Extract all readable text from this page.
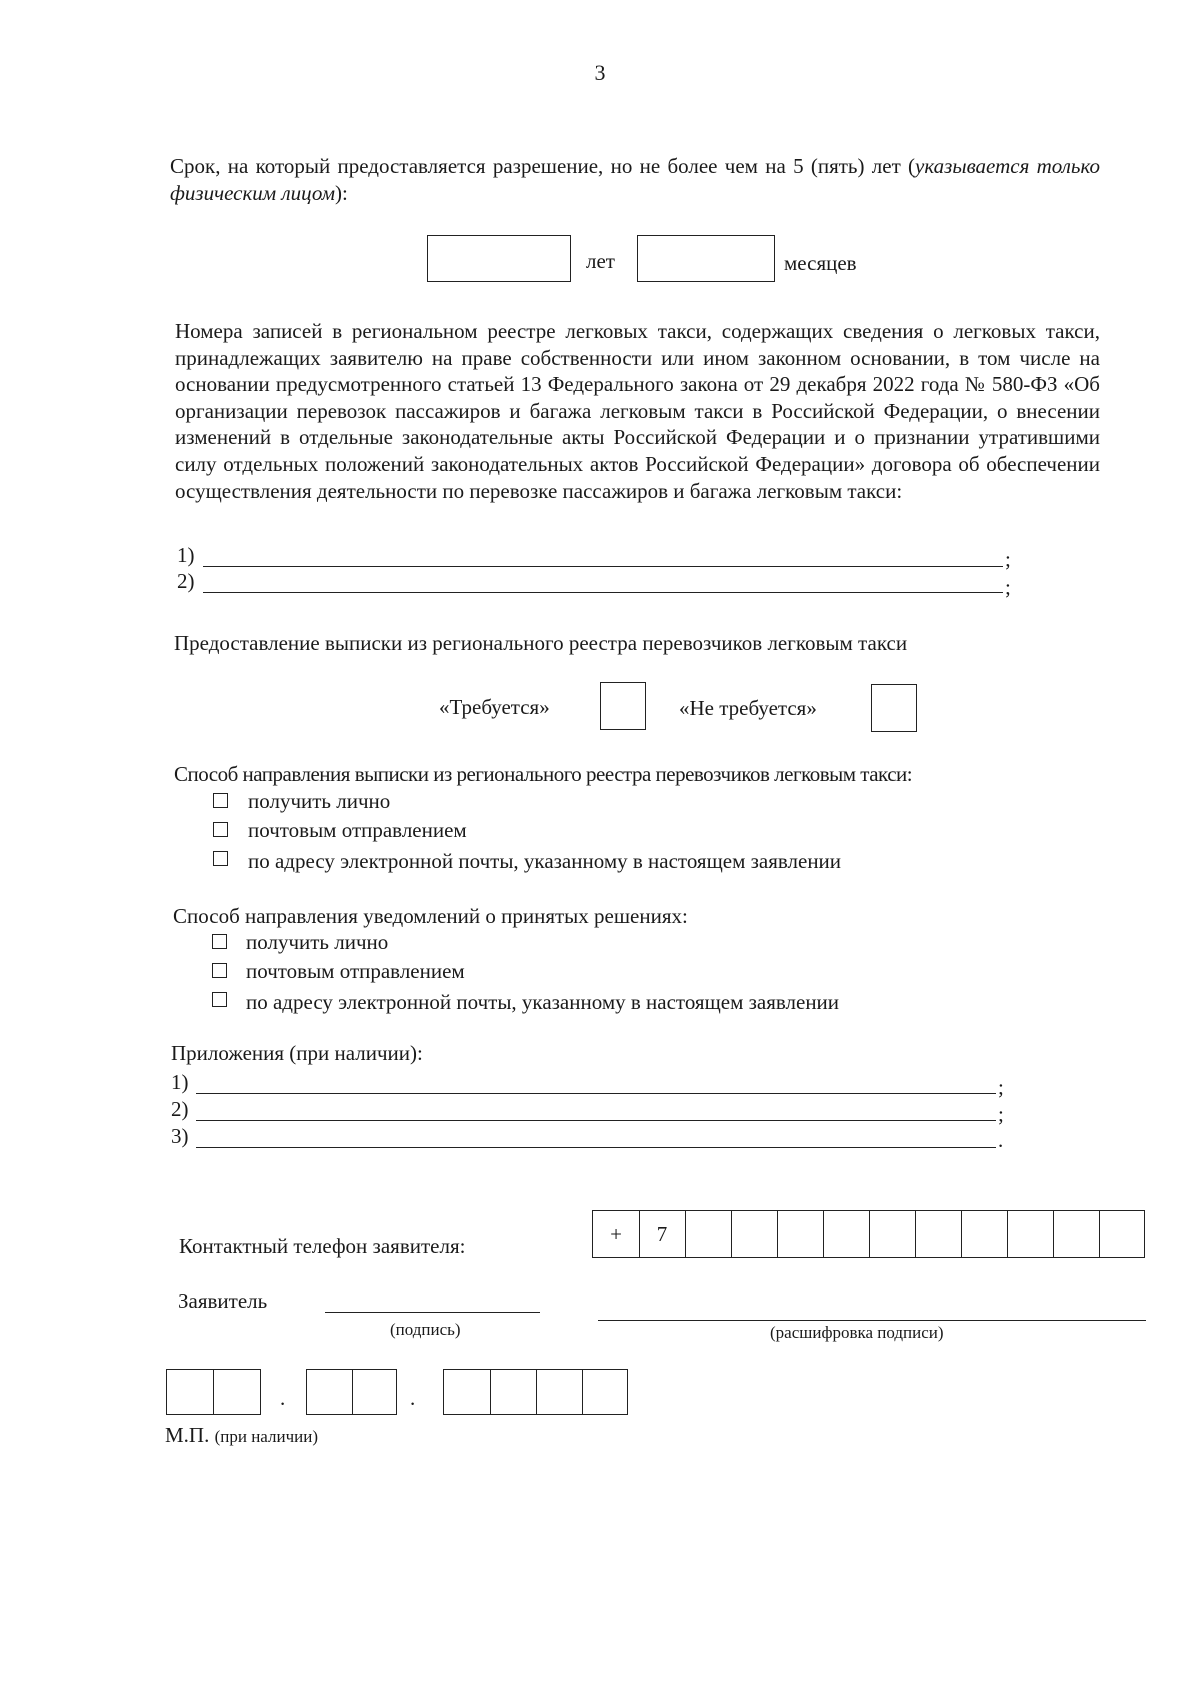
3
Срок, на который предоставляется разрешение, но не более чем на 5 (пять) лет (указывается только физическим лицом):
лет	месяцев
Номера записей в региональном реестре легковых такси, содержащих сведения о легковых такси, принадлежащих заявителю на праве собственности или ином законном основании, в том числе на основании предусмотренного статьей 13 Федерального закона от 29 декабря 2022 года № 580-ФЗ «Об организации перевозок пассажиров и багажа легковым такси в Российской Федерации, о внесении изменений в отдельные законодательные акты Российской Федерации и о признании утратившими силу отдельных положений законодательных актов Российской Федерации» договора об обеспечении осуществления деятельности по перевозке пассажиров и багажа легковым такси:
1)	;
2)	;
Предоставление выписки из регионального реестра перевозчиков легковым такси
«Требуется»	«Не требуется»
Способ направления выписки из регионального реестра перевозчиков легковым такси:
получить лично
почтовым отправлением
по адресу электронной почты, указанному в настоящем заявлении
Способ направления уведомлений о принятых решениях:
получить лично
почтовым отправлением
по адресу электронной почты, указанному в настоящем заявлении
Приложения (при наличии):
1)	;
2)	;
3)	.
Контактный телефон заявителя:
+	7
Заявитель
(подпись)	(расшифровка подписи)
.	.
М.П. (при наличии)
